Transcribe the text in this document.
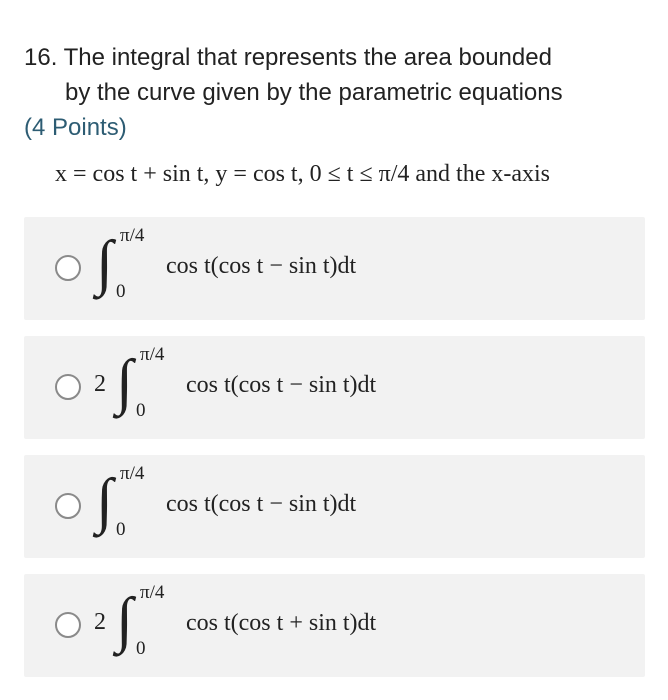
16. The integral that represents the area bounded
by the curve given by the parametric equations
(4 Points)
x = cos t + sin t, y = cos t, 0 ≤ t ≤ π/4 and the x-axis
∫ π/4
0
cos t(cos t − sin t)dt
2 ∫ π/4
0
cos t(cos t − sin t)dt
∫ π/4
0
cos t(cos t − sin t)dt
2 ∫ π/4
0
cos t(cos t + sin t)dt
